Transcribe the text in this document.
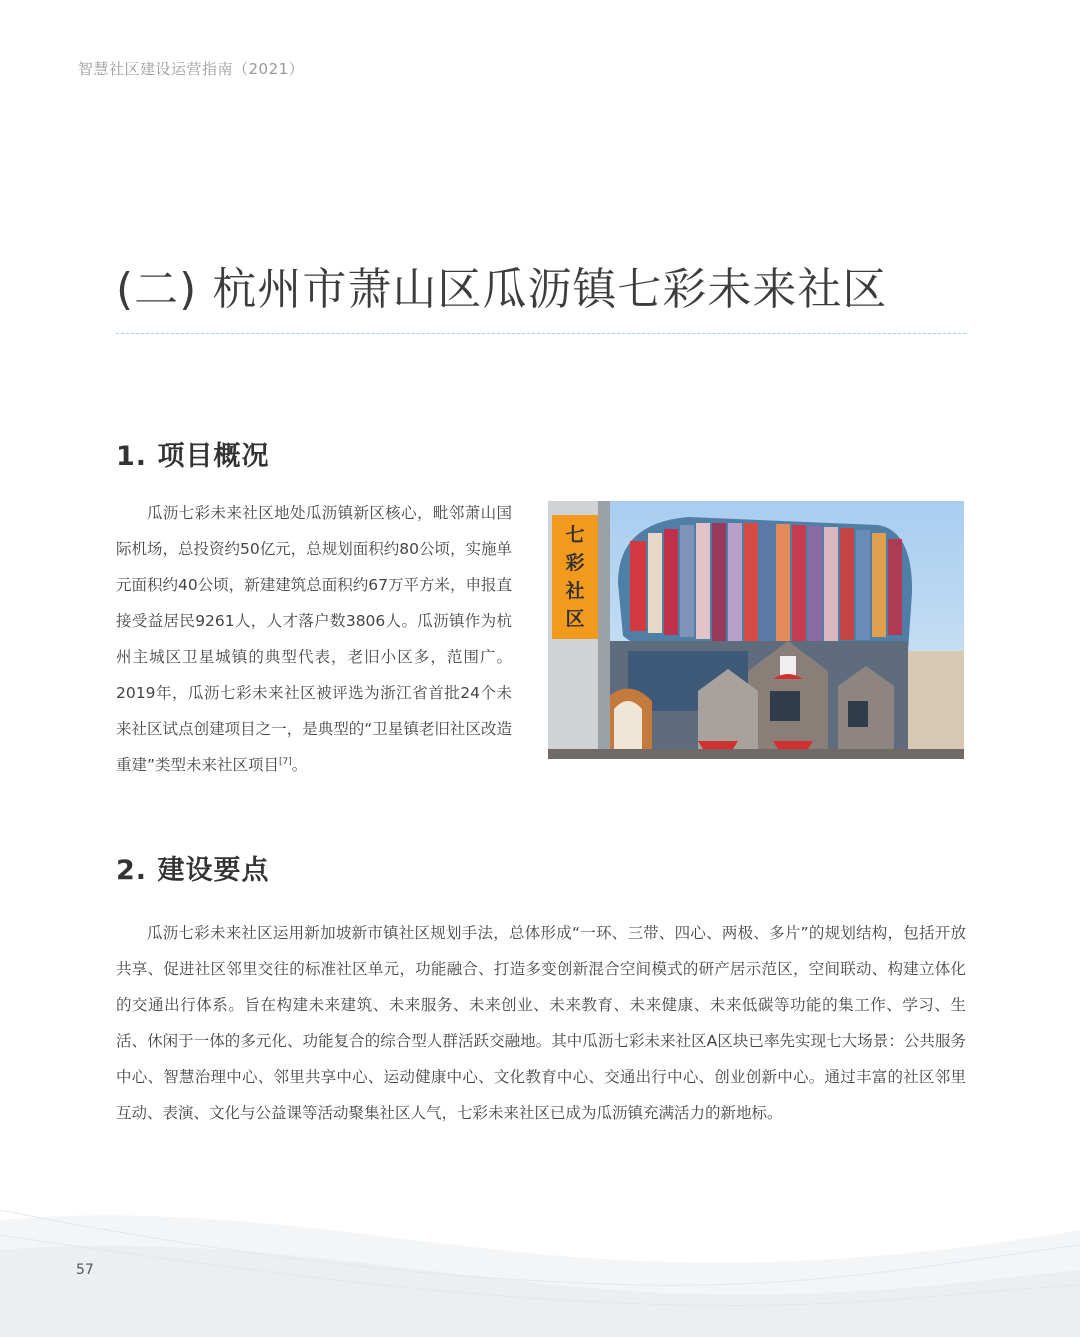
智慧社区建设运营指南（2021）
(二) 杭州市萧山区瓜沥镇七彩未来社区
1. 项目概况

瓜沥七彩未来社区地处瓜沥镇新区核心，毗邻萧山国际机场，总投资约50亿元，总规划面积约80公顷，实施单元面积约40公顷，新建建筑总面积约67万平方米，申报直接受益居民9261人，人才落户数3806人。瓜沥镇作为杭州主城区卫星城镇的典型代表，老旧小区多，范围广。2019年，瓜沥七彩未来社区被评选为浙江省首批24个未来社区试点创建项目之一，是典型的“卫星镇老旧社区改造重建”类型未来社区项目[7]。

七
彩
社
区
2. 建设要点

瓜沥七彩未来社区运用新加坡新市镇社区规划手法，总体形成“一环、三带、四心、两极、多片”的规划结构，包括开放共享、促进社区邻里交往的标准社区单元，功能融合、打造多变创新混合空间模式的研产居示范区，空间联动、构建立体化的交通出行体系。旨在构建未来建筑、未来服务、未来创业、未来教育、未来健康、未来低碳等功能的集工作、学习、生活、休闲于一体的多元化、功能复合的综合型人群活跃交融地。其中瓜沥七彩未来社区A区块已率先实现七大场景：公共服务中心、智慧治理中心、邻里共享中心、运动健康中心、文化教育中心、交通出行中心、创业创新中心。通过丰富的社区邻里互动、表演、文化与公益课等活动聚集社区人气，七彩未来社区已成为瓜沥镇充满活力的新地标。

57
